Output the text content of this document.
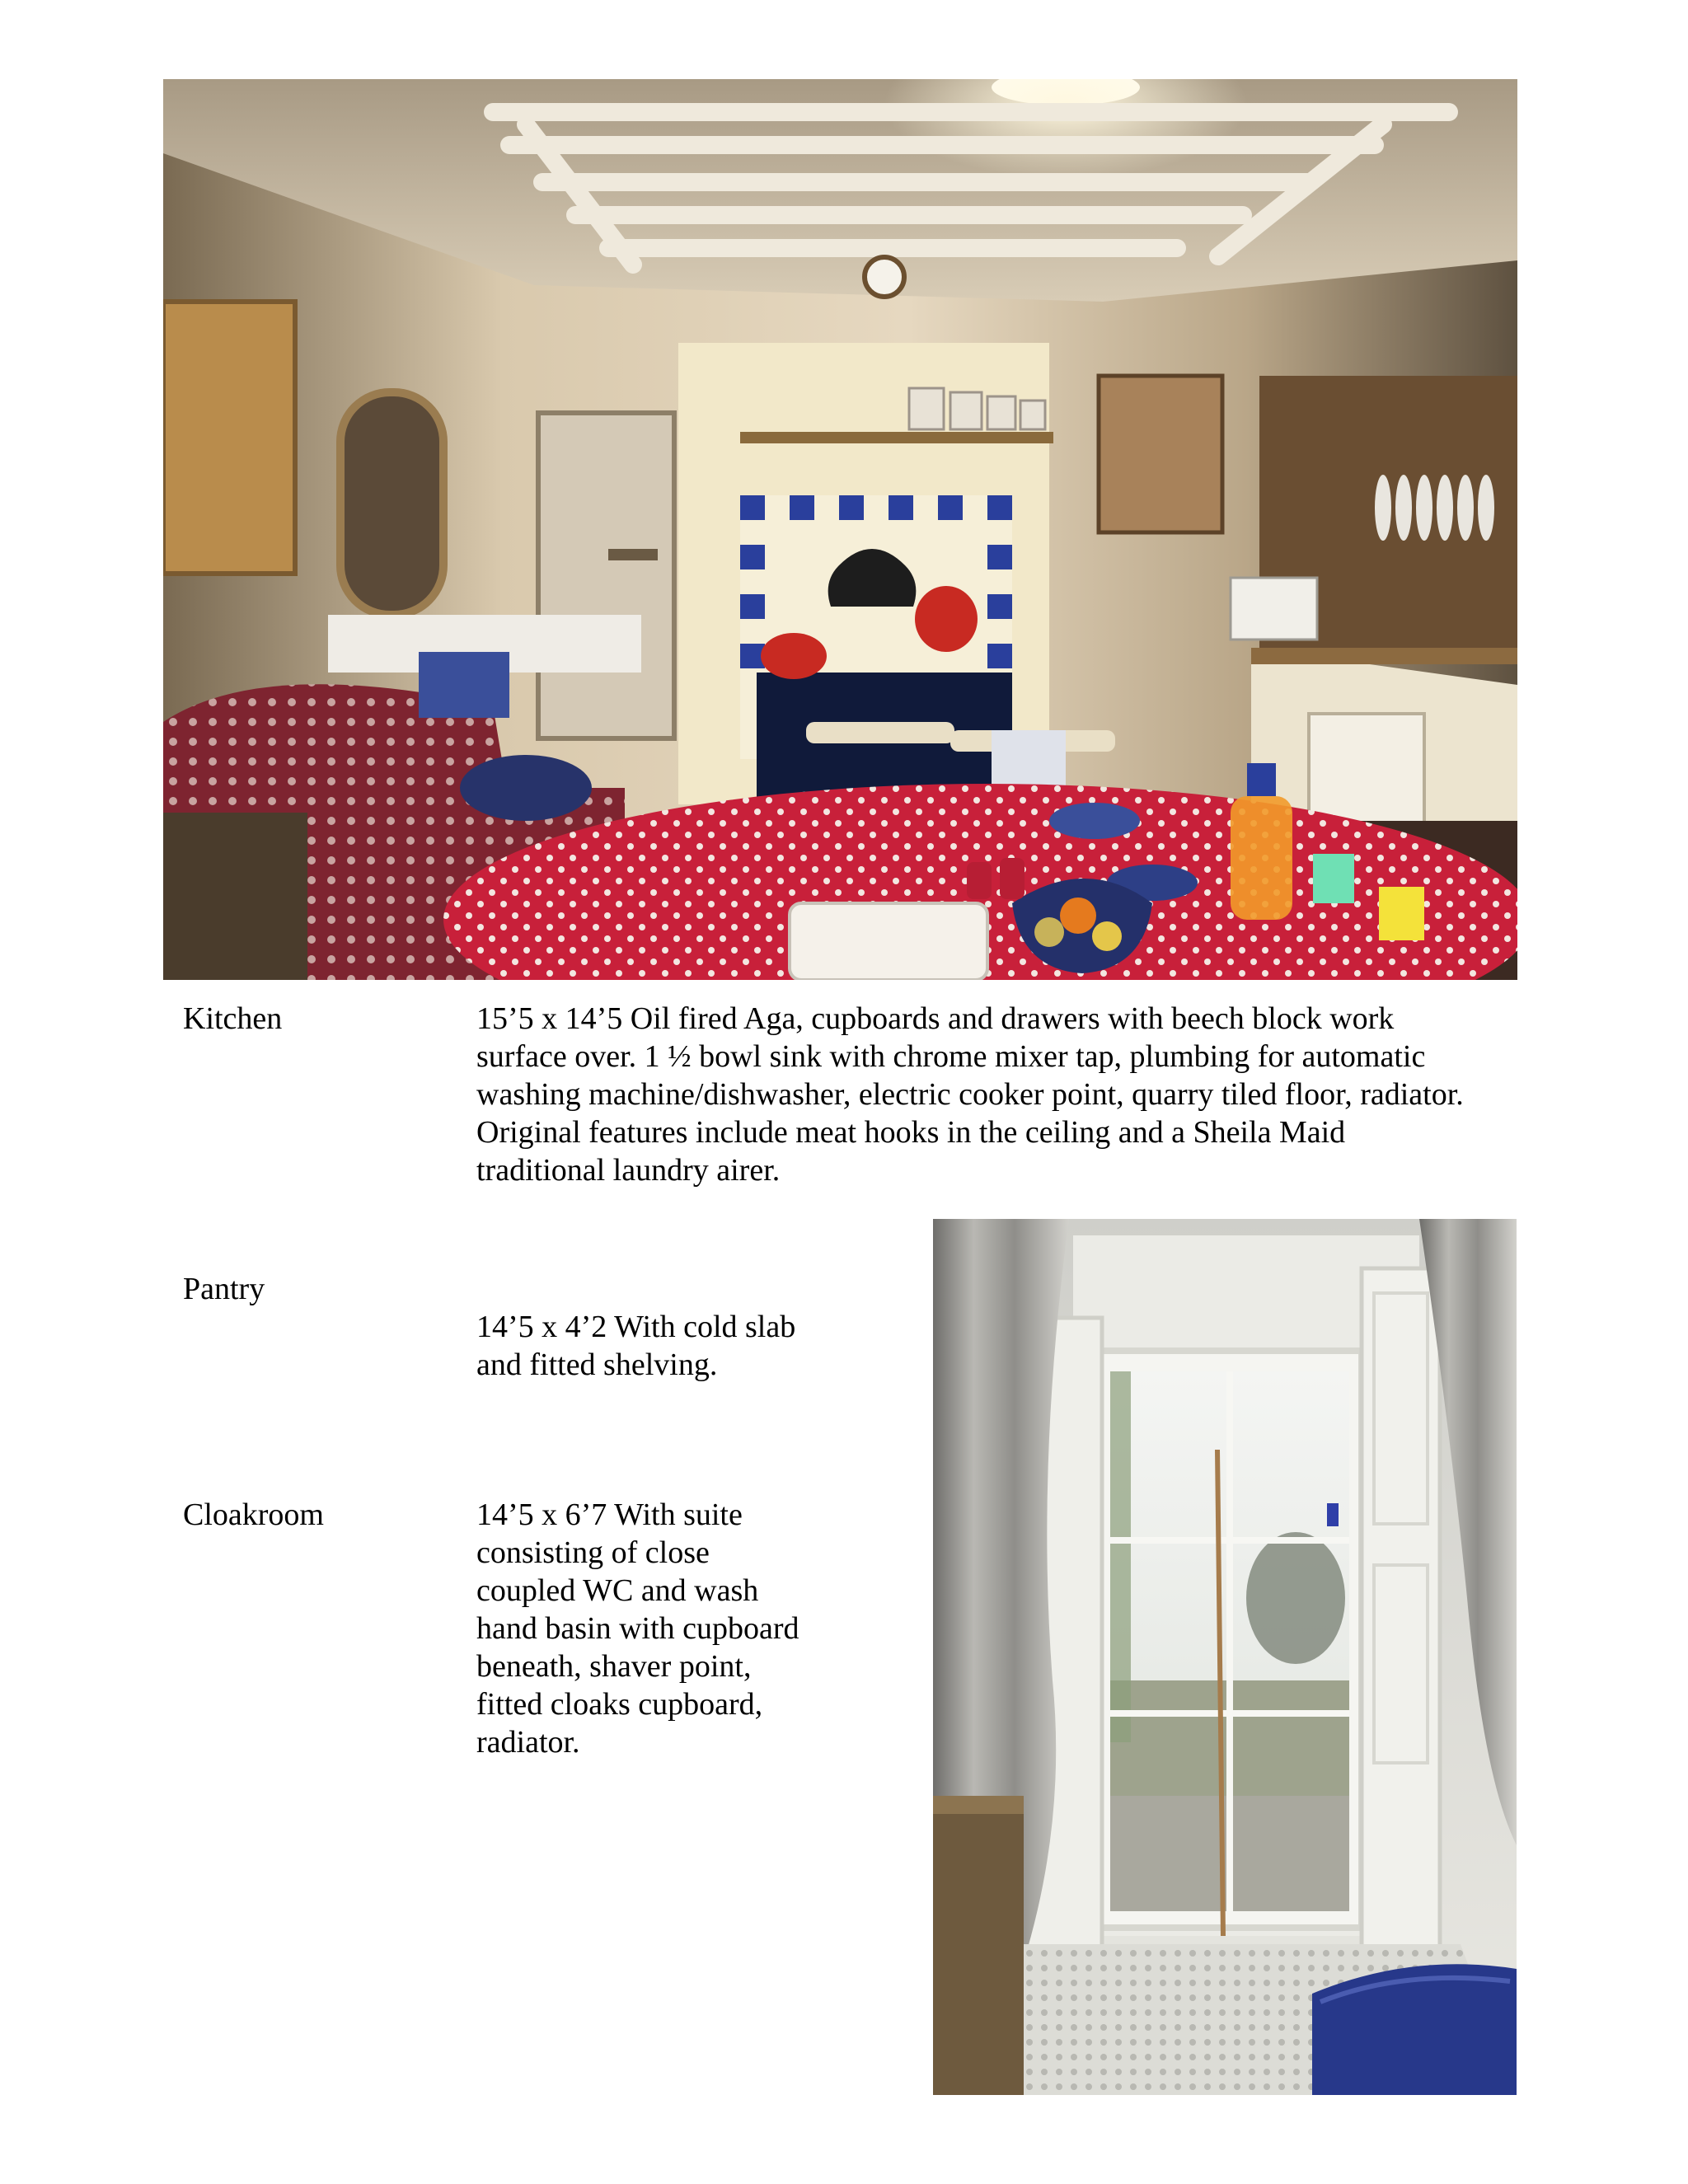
Kitchen	15’5 x 14’5 Oil fired Aga, cupboards and drawers with beech block work surface over. 1 ½ bowl sink with chrome mixer tap, plumbing for automatic washing machine/dishwasher, electric cooker point, quarry tiled floor, radiator. Original features include meat hooks in the ceiling and a Sheila Maid traditional laundry airer.

Pantry

14’5 x 4’2 With cold slab and fitted shelving.

Cloakroom	14’5 x 6’7 With suite consisting of close coupled WC and wash hand basin with cupboard beneath, shaver point, fitted cloaks cupboard, radiator.
